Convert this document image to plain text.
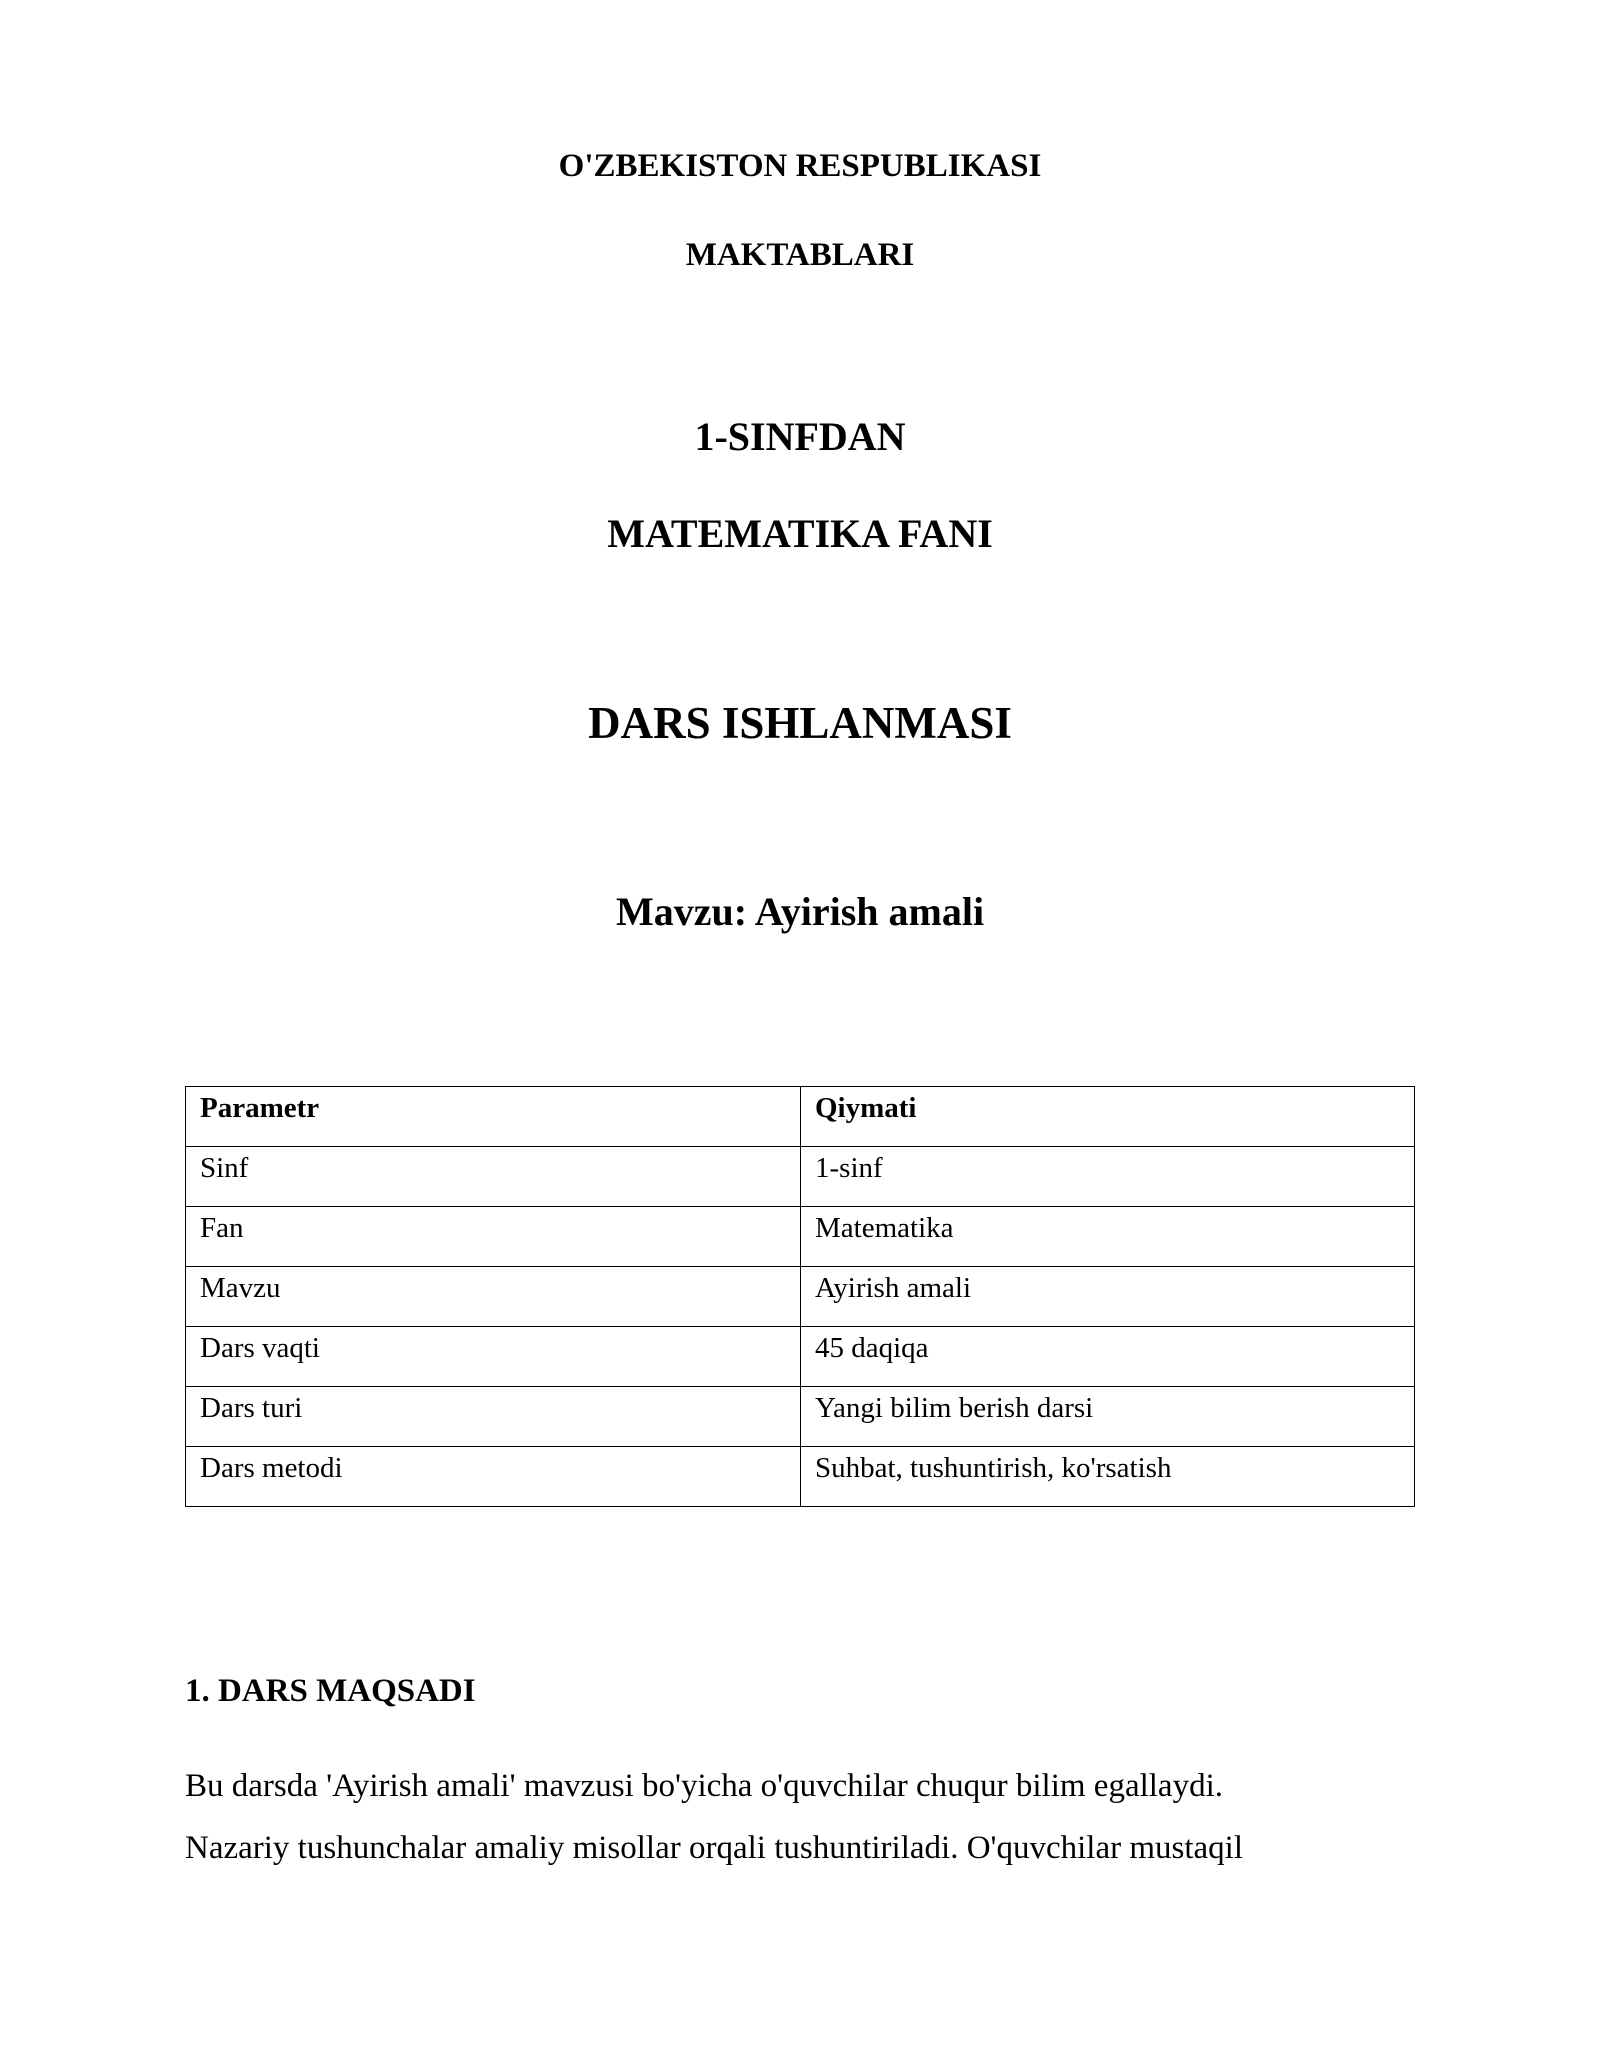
O'ZBEKISTON RESPUBLIKASI
MAKTABLARI
1-SINFDAN
MATEMATIKA FANI
DARS ISHLANMASI
Mavzu: Ayirish amali
Parametr	Qiymati
Sinf	1-sinf
Fan	Matematika
Mavzu	Ayirish amali
Dars vaqti	45 daqiqa
Dars turi	Yangi bilim berish darsi
Dars metodi	Suhbat, tushuntirish, ko'rsatish
1. DARS MAQSADI
Bu darsda 'Ayirish amali' mavzusi bo'yicha o'quvchilar chuqur bilim egallaydi.
Nazariy tushunchalar amaliy misollar orqali tushuntiriladi. O'quvchilar mustaqil
